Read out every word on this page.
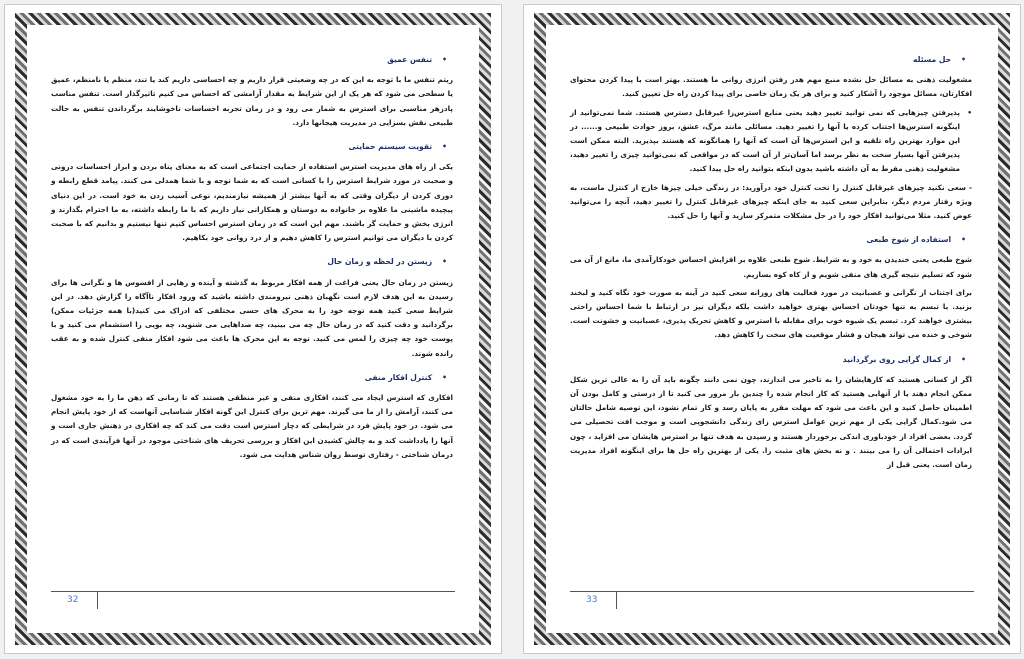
•تنفس عمیق

ریتم تنفس ما با توجه به این که در چه وضعیتی قرار داریم و چه احساسی داریم کند یا تند، منظم یا نامنظم، عمیق یا سطحی می شود که هر یک از این شرایط به مقدار آرامشی که احساس می کنیم تاثیرگذار است. تنفس مناسب پادزهر مناسبی برای استرس به شمار می رود و در زمان تجربه احساسات ناخوشایند برگرداندن تنفس به حالت طبیعی نقش بسزایی در مدیریت هیجانها دارد.

•تقویت سیستم حمایتی

یکی از راه های مدیریت استرس استفاده از حمایت اجتماعی است که به معنای پناه بردن و ابراز احساسات درونی و صحبت در مورد شرایط استرس زا با کسانی است که به شما توجه و با شما همدلی می کنند. پیامد قطع رابطه و دوری کردن از دیگران وقتی که به آنها بیشتر از همیشه نیازمندیم، نوعی آسیب زدن به خود است. در این دنیای پیچیده ماشینی ما علاوه بر خانواده به دوستان و همکارانی نیاز داریم که با ما رابطه داشته، به ما احترام بگذارند و انرژی بخش و حمایت گر باشند. مهم این است که در زمان استرس احساس کنیم تنها نیستیم و بدانیم که با صحبت کردن با دیگران می توانیم استرس را کاهش دهیم و از درد روانی خود بکاهیم.

•زیستن در لحظه و زمان حال

زیستن در زمان حال یعنی فراغت از همه افکار مربوط به گذشته و آینده و رهایی از افسوس ها و نگرانی ها برای رسیدن به این هدف لازم است نگهبان ذهنی نیرومندی داشته باشید که ورود افکار ناآگاه را گزارش دهد. در این شرایط سعی کنید همه توجه خود را به محرک های حسی مختلفی که ادراک می کنید(با همه جزئیات ممکن) برگردانید و دقت کنید که در زمان حال چه می بینید، چه صداهایی می شنوید، چه بویی را استشمام می کنید و با پوست خود چه چیزی را لمس می کنید. توجه به این محرک ها باعث می شود افکار منفی کنترل شده و به عقب رانده شوند.

•کنترل افکار منفی

افکاری که استرس ایجاد می کنند، افکاری منفی و غیر منطقی هستند که تا زمانی که ذهن ما را به خود مشغول می کنند، آرامش را از ما می گیرند. مهم ترین برای کنترل این گونه افکار شناسایی آنهاست که از خود پایش انجام می شود. در خود پایش فرد در شرایطی که دچار استرس است دقت می کند که چه افکاری در ذهنش جاری است و آنها را یادداشت کند و به چالش کشیدن این افکار و بررسی تحریف های شناختی موجود در آنها فرآیندی است که در درمان شناختی - رفتاری توسط روان شناس هدایت می شود.

32
•حل مسئله

مشغولیت ذهنی به مسائل حل نشده منبع مهم هدر رفتن انرژی روانی ما هستند. بهتر است با پیدا کردن محتوای افکارتان، مسائل موجود را آشکار کنید و برای هر یک زمان خاصی برای پیدا کردن راه حل تعیین کنید.

•
پذیرفتن چیزهایی که نمی توانید تغییر دهید یعنی منابع استرس‌زا غیرقابل دسترس هستند. شما نمی‌توانید از اینگونه استرس‌ها اجتناب کرده یا آنها را تغییر دهید. مسائلی مانند مرگ، عشق، بروز حوادث طبیعی و...... در این موارد بهترین راه تلقیه و این استرس‌ها آن است که آنها را همانگونه که هستند بپذیرید. البته ممکن است پذیرفتن آنها بسیار سخت به نظر برسد اما آسان‌تر از آن است که در مواقعی که نمی‌توانید چیزی را تغییر دهید، مشغولیت ذهنی مفرط به آن داشته باشید بدون اینکه بتوانید راه حل پیدا کنید.

- سعی نکنید چیزهای غیرقابل کنترل را تحت کنترل خود درآورید: در زندگی خیلی چیزها خارج از کنترل ماست، به ویژه رفتار مردم دیگر، بنابراین سعی کنید به جای اینکه چیزهای غیرقابل کنترل را تغییر دهید، آنچه را می‌توانید عوض کنید. مثلا می‌توانید افکار خود را در حل مشکلات متمرکز سازید و آنها را حل کنید.

•استفاده از شوخ طبعی

شوخ طبعی یعنی خندیدن به خود و به شرایط. شوخ طبعی علاوه بر افزایش احساس خودکارآمدی ما، مانع از آن می شود که تسلیم نتیجه گیری های منفی شویم و از کاه کوه بسازیم.

برای اجتناب از نگرانی و عصبانیت در مورد فعالیت های روزانه سعی کنید در آینه به صورت خود نگاه کنید و لبخند بزنید. با تبسم به تنها خودتان احساس بهتری خواهید داشت بلکه دیگران نیز در ارتباط با شما احساس راحتی بیشتری خواهند کرد. تبسم یک شیوه خوب برای مقابله با استرس و کاهش تحریک پذیری، عصبانیت و خشونت است. شوخی و خنده می تواند هیجان و فشار موقعیت های سخت را کاهش دهد.

•از کمال گرایی روی برگردانید

اگر از کسانی هستید که کارهایشان را به تاخیر می اندازند، چون نمی دانند چگونه باید آن را به عالی ترین شکل ممکن انجام دهند یا از آنهایی هستید که کار انجام شده را چندین بار مرور می کنید تا از درستی و کامل بودن آن اطمینان حاصل کنید و این باعث می شود که مهلت مقرر به پایان رسد و کار تمام نشود، این توصیه شامل حالتان می شود.کمال گرایی یکی از مهم ترین عوامل استرس زای زندگی دانشجویی است و موجب افت تحصیلی می گردد. بعضی افراد از خودباوری اندکی برخوردار هستند و رسیدن به هدف تنها بر استرس هایشان می افزاید ، چون ایرادات احتمالی آن را می بینند . و نه بخش های مثبت را. یکی از بهترین راه حل ها برای اینگونه افراد مدیریت زمان است. یعنی قبل از

33
